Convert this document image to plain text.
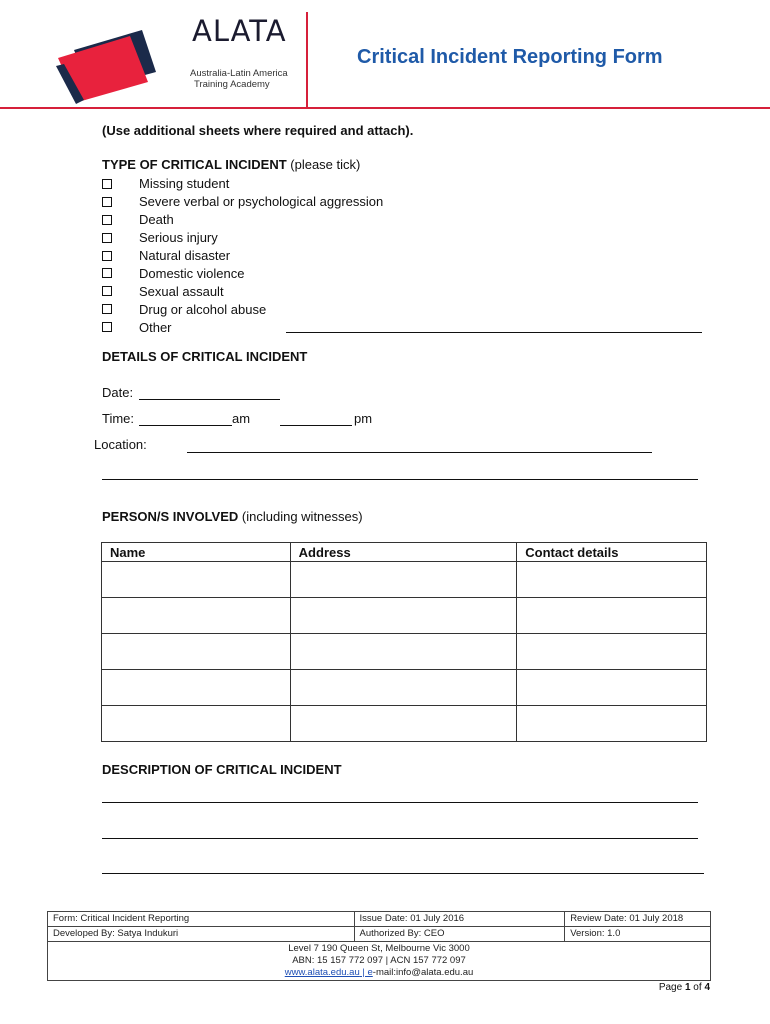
ALATA
Australia-Latin America
Training Academy
Critical Incident Reporting Form
(Use additional sheets where required and attach).
TYPE OF CRITICAL INCIDENT (please tick)
Missing student
Severe verbal or psychological aggression
Death
Serious injury
Natural disaster
Domestic violence
Sexual assault
Drug or alcohol abuse
Other
DETAILS OF CRITICAL INCIDENT
Date:
Time:	am	pm
Location:
PERSON/S INVOLVED (including witnesses)
Name	Address	Contact details

DESCRIPTION OF CRITICAL INCIDENT
Form: Critical Incident Reporting	Issue Date: 01 July 2016	Review Date: 01 July 2018
Developed By: Satya Indukuri	Authorized By: CEO	Version: 1.0

Level 7 190 Queen St, Melbourne Vic 3000
ABN: 15 157 772 097 | ACN 157 772 097
www.alata.edu.au | e-mail:info@alata.edu.au		
Page 1 of 4
